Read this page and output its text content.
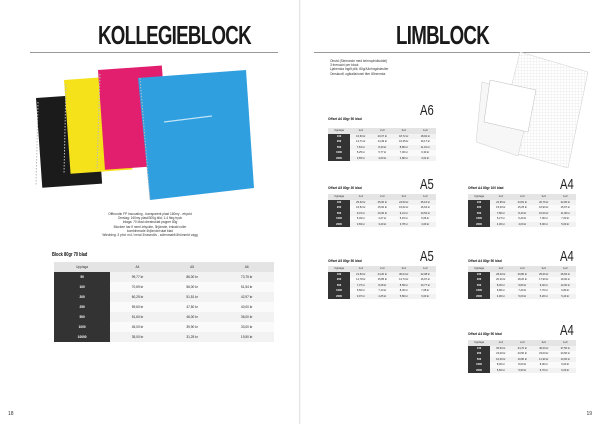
KOLLEGIEBLOCK
Offtrundin FP Inscoating - transparent plast 160my - etryckt
Omslag: 160my plast/300g bild; 1-4 färg tryck
Inlaga: 70 blad obestruktat papper 80g
Blocken har fl neml-trhyckte, 3hjärnde, enkald ruller
kombinerade 4hjörnde/rutat blad
Wiedning: 3 pfrd: m4 / neral 3/naved4v - sötenmablt 8hörnmbt vagg
Block 80gr 70 blad
Upplaga	A4	A5	A6
50	99,77 kr	86,00 kr	73,75 kr
100	70,69 kr	56,00 kr	51,54 kr
200	60,25 kr	51,51 kr	42,97 kr
250	59,60 kr	47,50 kr	40,00 kr
500	51,60 kr	46,00 kr	36,00 kr
1000	45,00 kr	39,90 kr	33,00 kr
10000	35,00 kr	31,25 kr	19,50 kr
18
LIMBLOCK
Olrutd (Slemunde med kelrnophidluddel)
3 fnenuchi per block
Ljaheroka Ingfit plik; 80g/A4nhngdsteuller
Omslavdf; ogtkalla/rusel titer 80nenmia.
Offset A6 80gr 50 blad	A6
Upplaga	1+0	2+0	3+0	4+0
100	16,60 kr	20,07 kr	18,72 kr	18,92 kr
200	14,71 kr	14,49 kr	16,35 kr	16,17 kr
500	7,81 kr	8,40 kr	8,80 kr	11,10 kr
1000	5,25 kr	5,77 kr	7,00 kr	6,30 kr
2000	3,65 kr	4,00 kr	4,80 kr	3,02 kr
Offset A5 80gr 30 blad	A5
Upplaga	1+0	2+0	3+0	4+0
100	25,40 kr	25,00 kr	24,50 kr	25,16 kr
200	16,52 kr	15,00 kr	15,62 kr	16,64 kr
500	9,31 kr	10,00 kr	9,41 kr	13,52 kr
1000	5,49 kr	4,27 kr	5,15 kr	6,66 kr
2000	3,69 kr	3,40 kr	3,78 kr	4,60 kr
Offset A4 80gr 100 blad	A4
Upplaga	1+0	2+0	3+0	4+0
100	24,95 kr	23,81 kr	26,76 kr	22,90 kr
200	15,00 kr	15,25 kr	16,90 kr	15,97 kr
500	7,80 kr	8,40 kr	10,00 kr	11,00 kr
1000	5,27 kr	6,20 kr	7,00 kr	7,00 kr
2000	4,00 kr	4,00 kr	5,00 kr	5,00 kr
Offset A5 80gr 50 blad	A5
Upplaga	1+0	2+0	3+0	4+0
100	21,50 kr	24,20 kr	30,04 kr	22,08 kr
200	14,78 kr	15,85 kr	14,73 kr	16,97 kr
500	7,37 kr	8,28 kr	8,59 kr	10,77 kr
1000	5,50 kr	7,10 kr	8,30 kr	7,08 kr
2000	3,97 kr	4,25 kr	5,80 kr	6,00 kr
Offset A4 80gr 50 blad	A4
Upplaga	1+0	2+0	3+0	4+0
100	28,20 kr	29,80 kr	25,60 kr	26,60 kr
200	20,20 kr	18,20 kr	17,90 kr	19,00 kr
500	8,30 kr	9,80 kr	9,40 kr	12,00 kr
1000	6,80 kr	7,20 kr	7,70 kr	6,80 kr
2000	4,90 kr	5,00 kr	5,20 kr	5,20 kr
Offset A4 80gr 50 blad	A4
Upplaga	1+0	2+0	3+0	4+0
100	35,60 kr	34,70 kr	40,00 kr	37,50 kr
200	23,00 kr	23,50 kr	23,00 kr	24,50 kr
500	10,00 kr	10,80 kr	11,90 kr	13,00 kr
1000	8,00 kr	8,00 kr	8,00 kr	9,00 kr
2000	5,60 kr	5,90 kr	6,70 kr	6,00 kr
19
